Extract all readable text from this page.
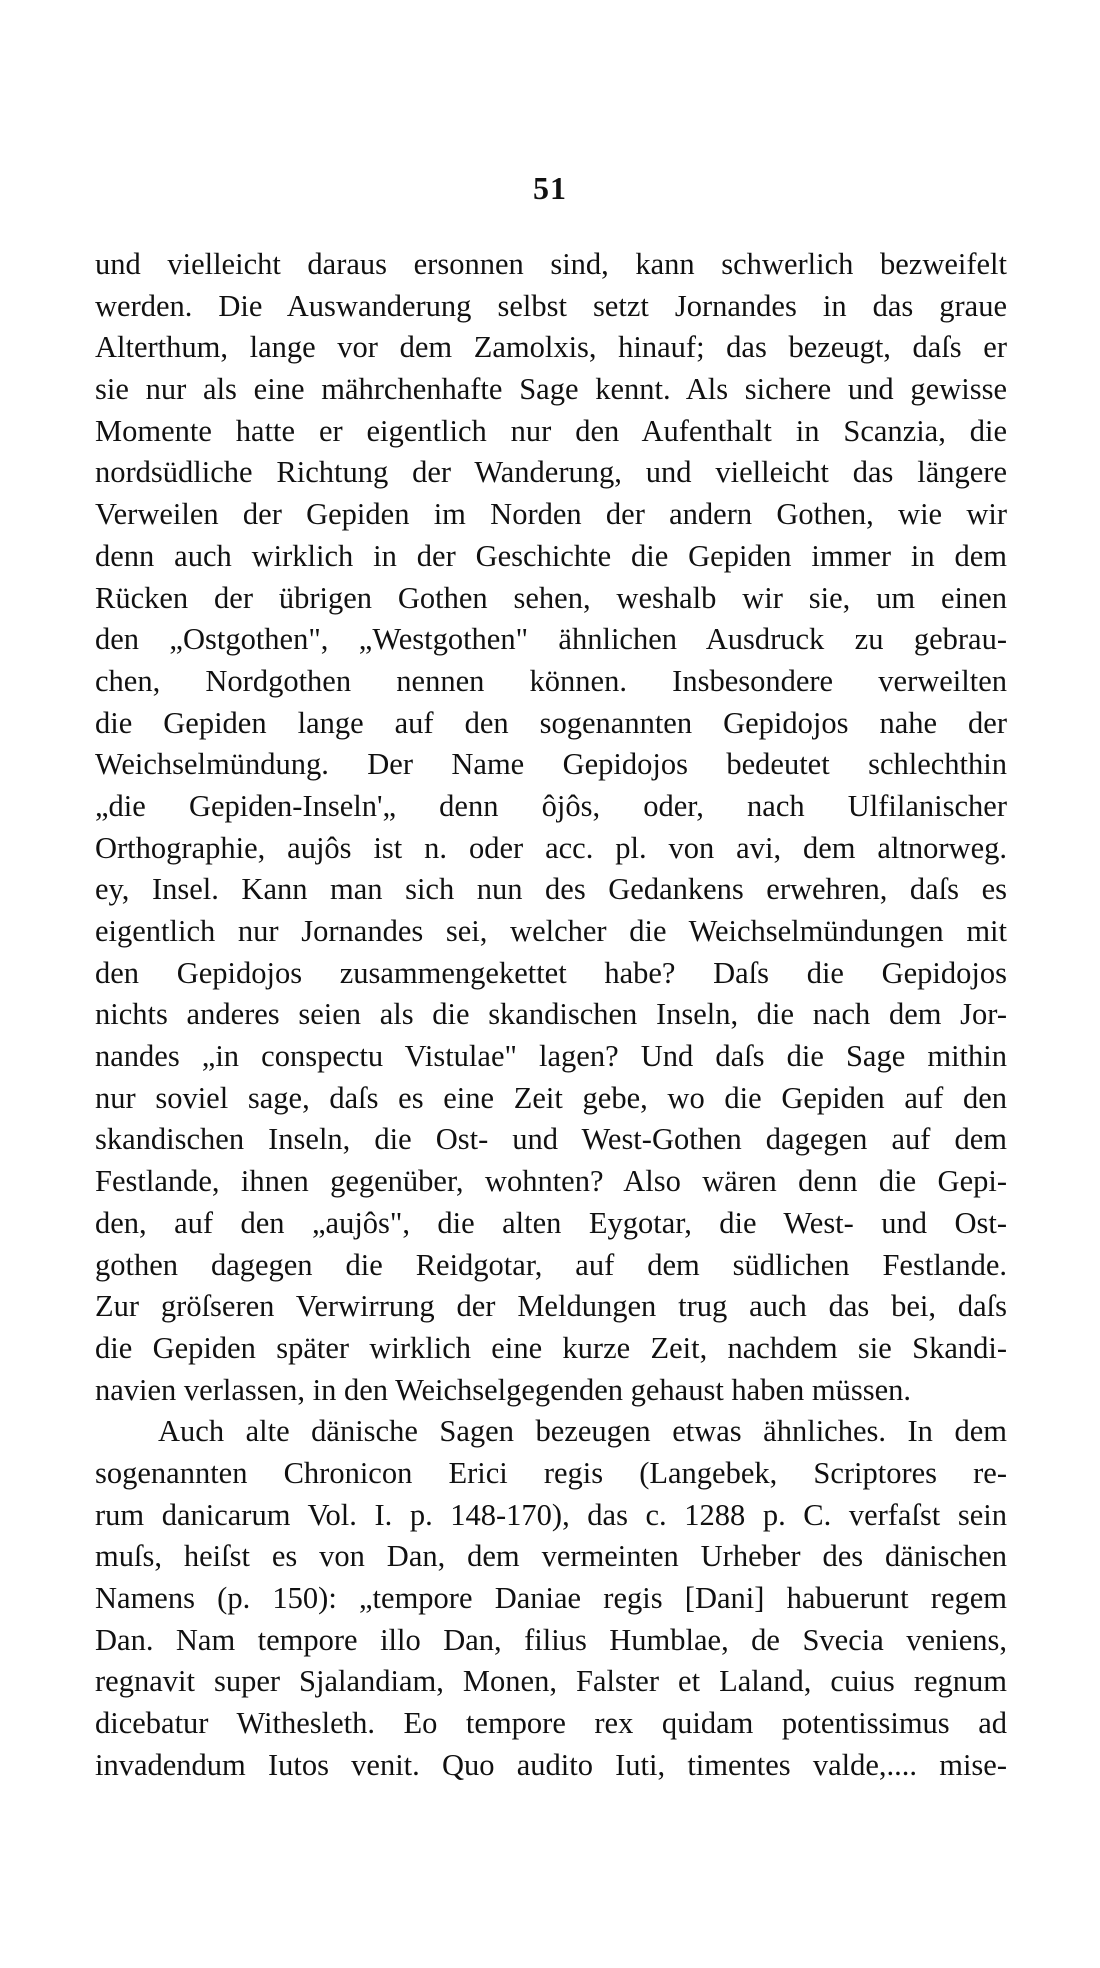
51
und vielleicht daraus ersonnen sind, kann schwerlich bezweifelt
werden. Die Auswanderung selbst setzt Jornandes in das graue
Alterthum, lange vor dem Zamolxis, hinauf; das bezeugt, daſs er
sie nur als eine mährchenhafte Sage kennt. Als sichere und gewisse
Momente hatte er eigentlich nur den Aufenthalt in Scanzia, die
nordsüdliche Richtung der Wanderung, und vielleicht das längere
Verweilen der Gepiden im Norden der andern Gothen, wie wir
denn auch wirklich in der Geschichte die Gepiden immer in dem
Rücken der übrigen Gothen sehen, weshalb wir sie, um einen
den „Ostgothen", „Westgothen" ähnlichen Ausdruck zu gebrau-
chen, Nordgothen nennen können. Insbesondere verweilten
die Gepiden lange auf den sogenannten Gepidojos nahe der
Weichselmündung. Der Name Gepidojos bedeutet schlechthin
„die Gepiden-Inseln'„ denn ôjôs, oder, nach Ulfilanischer
Orthographie, aujôs ist n. oder acc. pl. von avi, dem altnorweg.
ey, Insel. Kann man sich nun des Gedankens erwehren, daſs es
eigentlich nur Jornandes sei, welcher die Weichselmündungen mit
den Gepidojos zusammengekettet habe? Daſs die Gepidojos
nichts anderes seien als die skandischen Inseln, die nach dem Jor-
nandes „in conspectu Vistulae" lagen? Und daſs die Sage mithin
nur soviel sage, daſs es eine Zeit gebe, wo die Gepiden auf den
skandischen Inseln, die Ost- und West-Gothen dagegen auf dem
Festlande, ihnen gegenüber, wohnten? Also wären denn die Gepi-
den, auf den „aujôs", die alten Eygotar, die West- und Ost-
gothen dagegen die Reidgotar, auf dem südlichen Festlande.
Zur gröſseren Verwirrung der Meldungen trug auch das bei, daſs
die Gepiden später wirklich eine kurze Zeit, nachdem sie Skandi-
navien verlassen, in den Weichselgegenden gehaust haben müssen.
Auch alte dänische Sagen bezeugen etwas ähnliches. In dem
sogenannten Chronicon Erici regis (Langebek, Scriptores re-
rum danicarum Vol. I. p. 148-170), das c. 1288 p. C. verfaſst sein
muſs, heiſst es von Dan, dem vermeinten Urheber des dänischen
Namens (p. 150): „tempore Daniae regis [Dani] habuerunt regem
Dan. Nam tempore illo Dan, filius Humblae, de Svecia veniens,
regnavit super Sjalandiam, Monen, Falster et Laland, cuius regnum
dicebatur Withesleth. Eo tempore rex quidam potentissimus ad
invadendum Iutos venit. Quo audito Iuti, timentes valde,.... mise-
